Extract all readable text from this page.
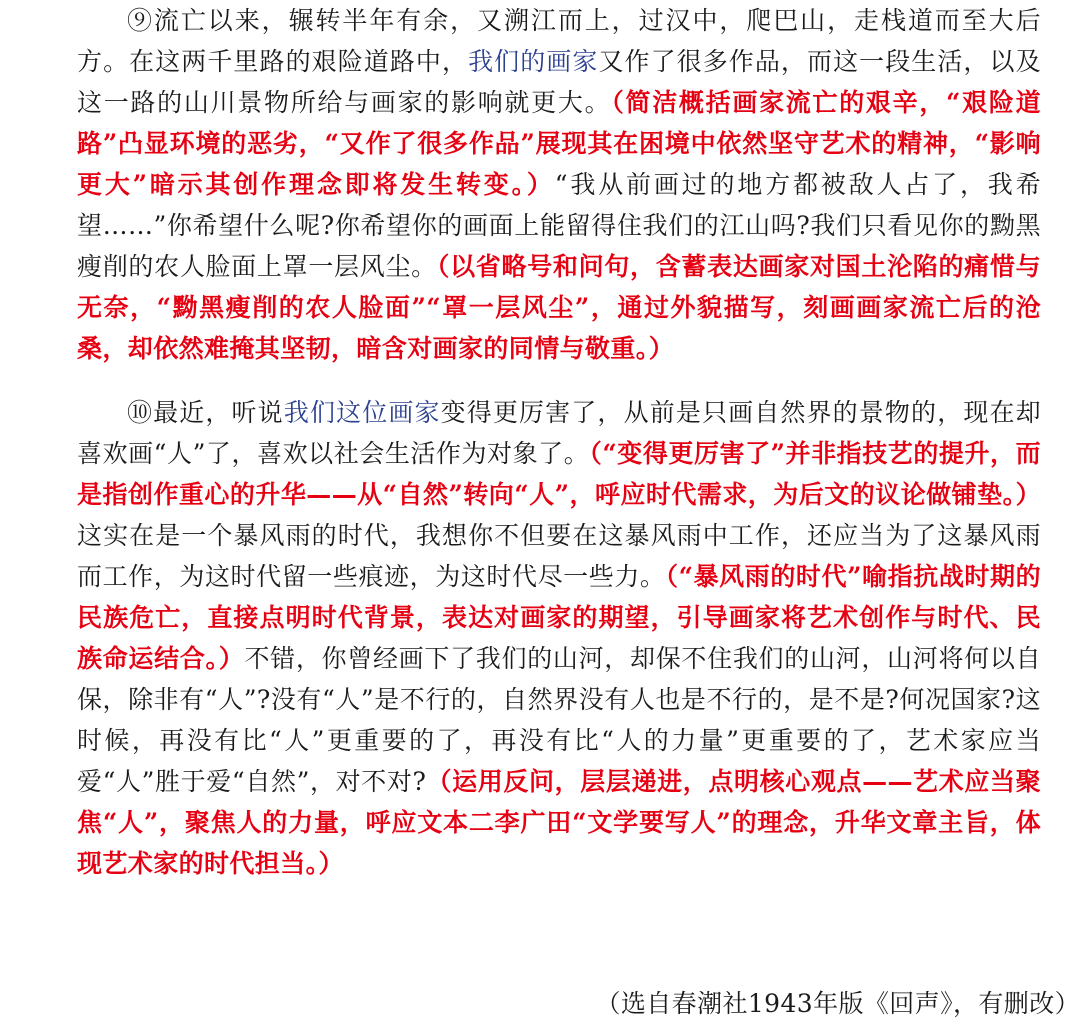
⑨流亡以来，辗转半年有余，又溯江而上，过汉中，爬巴山，走栈道而至大后方。在这两千里路的艰险道路中，我们的画家又作了很多作品，而这一段生活，以及这一路的山川景物所给与画家的影响就更大。（简洁概括画家流亡的艰辛，“艰险道路”凸显环境的恶劣，“又作了很多作品”展现其在困境中依然坚守艺术的精神，“影响更大”暗示其创作理念即将发生转变。）“我从前画过的地方都被敌人占了，我希望……”你希望什么呢?你希望你的画面上能留得住我们的江山吗?我们只看见你的黝黑瘦削的农人脸面上罩一层风尘。（以省略号和问句，含蓄表达画家对国土沦陷的痛惜与无奈，“黝黑瘦削的农人脸面”“罩一层风尘”，通过外貌描写，刻画画家流亡后的沧桑，却依然难掩其坚韧，暗含对画家的同情与敬重。）

⑩最近，听说我们这位画家变得更厉害了，从前是只画自然界的景物的，现在却喜欢画“人”了，喜欢以社会生活作为对象了。（“变得更厉害了”并非指技艺的提升，而是指创作重心的升华——从“自然”转向“人”，呼应时代需求，为后文的议论做铺垫。）这实在是一个暴风雨的时代，我想你不但要在这暴风雨中工作，还应当为了这暴风雨而工作，为这时代留一些痕迹，为这时代尽一些力。（“暴风雨的时代”喻指抗战时期的民族危亡，直接点明时代背景，表达对画家的期望，引导画家将艺术创作与时代、民族命运结合。）不错，你曾经画下了我们的山河，却保不住我们的山河，山河将何以自保，除非有“人”?没有“人”是不行的，自然界没有人也是不行的，是不是?何况国家?这时候，再没有比“人”更重要的了，再没有比“人的力量”更重要的了，艺术家应当爱“人”胜于爱“自然”，对不对?（运用反问，层层递进，点明核心观点——艺术应当聚焦“人”，聚焦人的力量，呼应文本二李广田“文学要写人”的理念，升华文章主旨，体现艺术家的时代担当。）

（选自春潮社1943年版《回声》，有删改）
